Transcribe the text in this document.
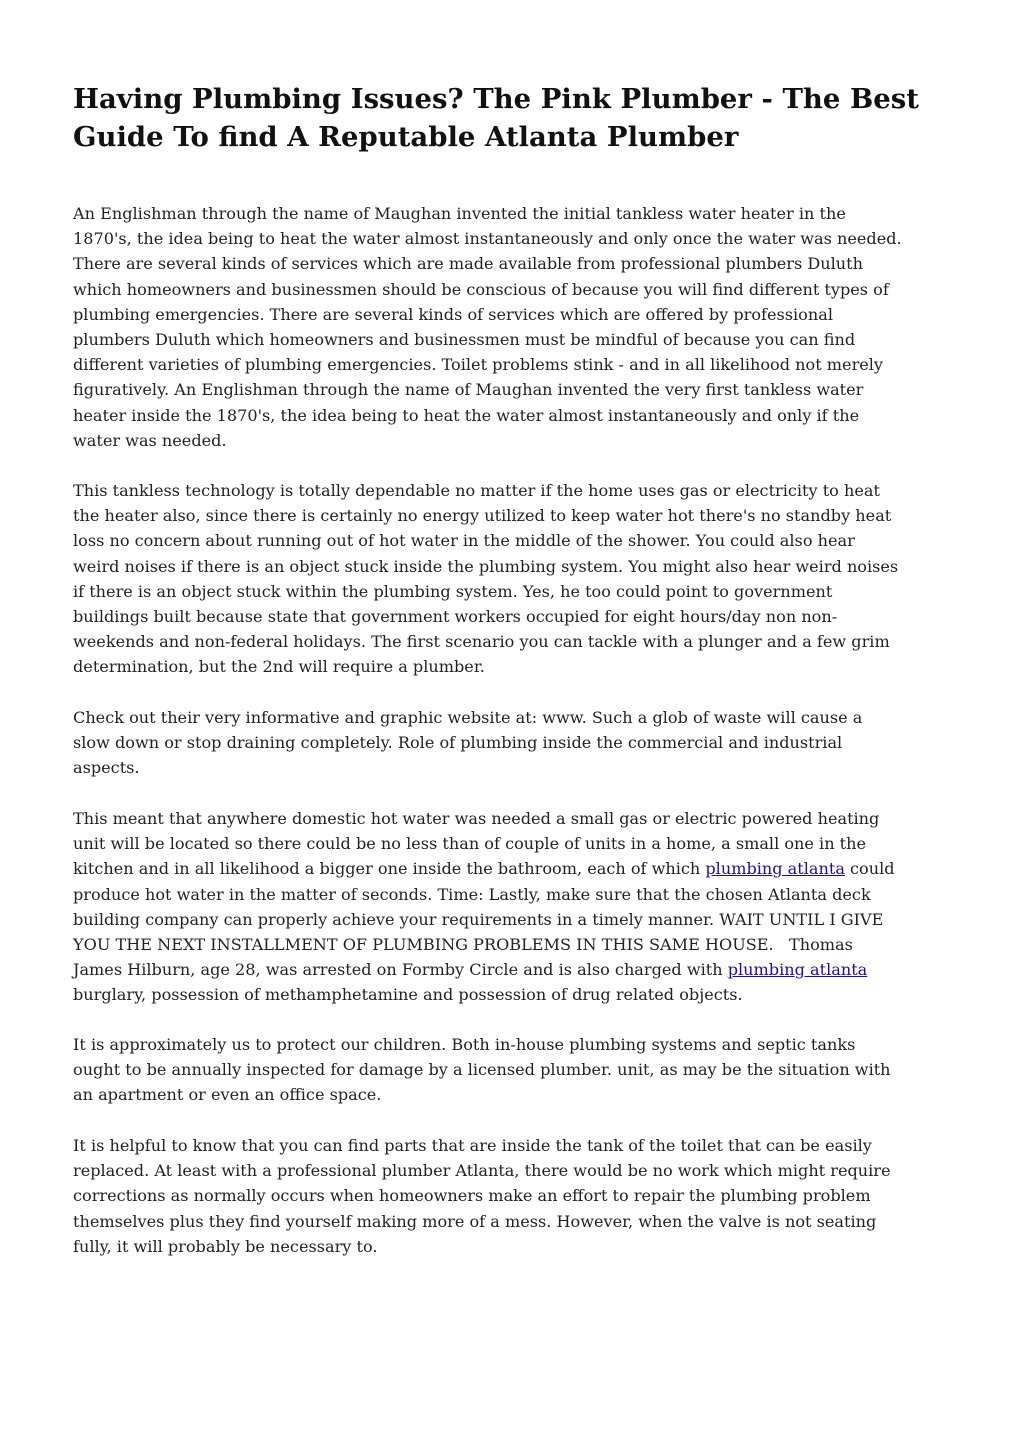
Having Plumbing Issues? The Pink Plumber - The Best Guide To find A Reputable Atlanta Plumber

An Englishman through the name of Maughan invented the initial tankless water heater in the
1870's, the idea being to heat the water almost instantaneously and only once the water was needed.
There are several kinds of services which are made available from professional plumbers Duluth
which homeowners and businessmen should be conscious of because you will find different types of
plumbing emergencies. There are several kinds of services which are offered by professional
plumbers Duluth which homeowners and businessmen must be mindful of because you can find
different varieties of plumbing emergencies. Toilet problems stink - and in all likelihood not merely
figuratively. An Englishman through the name of Maughan invented the very first tankless water
heater inside the 1870's, the idea being to heat the water almost instantaneously and only if the
water was needed.

This tankless technology is totally dependable no matter if the home uses gas or electricity to heat
the heater also, since there is certainly no energy utilized to keep water hot there's no standby heat
loss no concern about running out of hot water in the middle of the shower. You could also hear
weird noises if there is an object stuck inside the plumbing system. You might also hear weird noises
if there is an object stuck within the plumbing system. Yes, he too could point to government
buildings built because state that government workers occupied for eight hours/day non non-
weekends and non-federal holidays. The first scenario you can tackle with a plunger and a few grim
determination, but the 2nd will require a plumber.

Check out their very informative and graphic website at: www. Such a glob of waste will cause a
slow down or stop draining completely. Role of plumbing inside the commercial and industrial
aspects.

This meant that anywhere domestic hot water was needed a small gas or electric powered heating
unit will be located so there could be no less than of couple of units in a home, a small one in the
kitchen and in all likelihood a bigger one inside the bathroom, each of which plumbing atlanta could
produce hot water in the matter of seconds. Time: Lastly, make sure that the chosen Atlanta deck
building company can properly achieve your requirements in a timely manner. WAIT UNTIL I GIVE
YOU THE NEXT INSTALLMENT OF PLUMBING PROBLEMS IN THIS SAME HOUSE.   Thomas
James Hilburn, age 28, was arrested on Formby Circle and is also charged with plumbing atlanta
burglary, possession of methamphetamine and possession of drug related objects.

It is approximately us to protect our children. Both in-house plumbing systems and septic tanks
ought to be annually inspected for damage by a licensed plumber. unit, as may be the situation with
an apartment or even an office space.

It is helpful to know that you can find parts that are inside the tank of the toilet that can be easily
replaced. At least with a professional plumber Atlanta, there would be no work which might require
corrections as normally occurs when homeowners make an effort to repair the plumbing problem
themselves plus they find yourself making more of a mess. However, when the valve is not seating
fully, it will probably be necessary to.
